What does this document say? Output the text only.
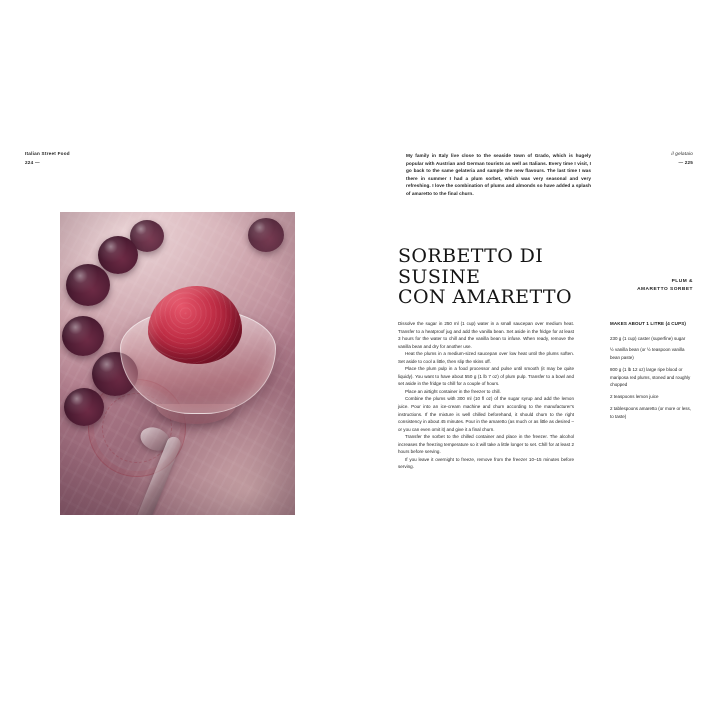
Italian Street Food
224 —
il gelataio
— 225
My family in Italy live close to the seaside town of Grado, which is hugely popular with Austrian and German tourists as well as Italians. Every time I visit, I go back to the same gelateria and sample the new flavours. The last time I was there in summer I had a plum sorbet, which was very seasonal and very refreshing. I love the combination of plums and almonds so have added a splash of amaretto to the final churn.
SORBETTO DI SUSINE
CON AMARETTO
PLUM &
AMARETTO SORBET

Dissolve the sugar in 250 ml (1 cup) water in a small saucepan over medium heat. Transfer to a heatproof jug and add the vanilla bean. Set aside in the fridge for at least 3 hours for the water to chill and the vanilla bean to infuse. When ready, remove the vanilla bean and dry for another use.

Heat the plums in a medium-sized saucepan over low heat until the plums soften. Set aside to cool a little, then slip the skins off.

Place the plum pulp in a food processor and pulse until smooth (it may be quite liquidy). You want to have about 550 g (1 lb 7 oz) of plum pulp. Transfer to a bowl and set aside in the fridge to chill for a couple of hours.

Place an airtight container in the freezer to chill.

Combine the plums with 300 ml (10 fl oz) of the sugar syrup and add the lemon juice. Pour into an ice-cream machine and churn according to the manufacturer's instructions. If the mixture is well chilled beforehand, it should churn to the right consistency in about 45 minutes. Pour in the amaretto (as much or as little as desired – or you can even omit it) and give it a final churn.

Transfer the sorbet to the chilled container and place in the freezer. The alcohol increases the freezing temperature so it will take a little longer to set. Chill for at least 2 hours before serving.

If you leave it overnight to freeze, remove from the freezer 10–15 minutes before serving.

MAKES ABOUT 1 LITRE (4 CUPS)
230 g (1 cup) caster (superfine) sugar
½ vanilla bean (or ½ teaspoon vanilla bean paste)
800 g (1 lb 12 oz) large ripe blood or mariposa red plums, stoned and roughly chopped
2 teaspoons lemon juice
2 tablespoons amaretto (or more or less, to taste)
